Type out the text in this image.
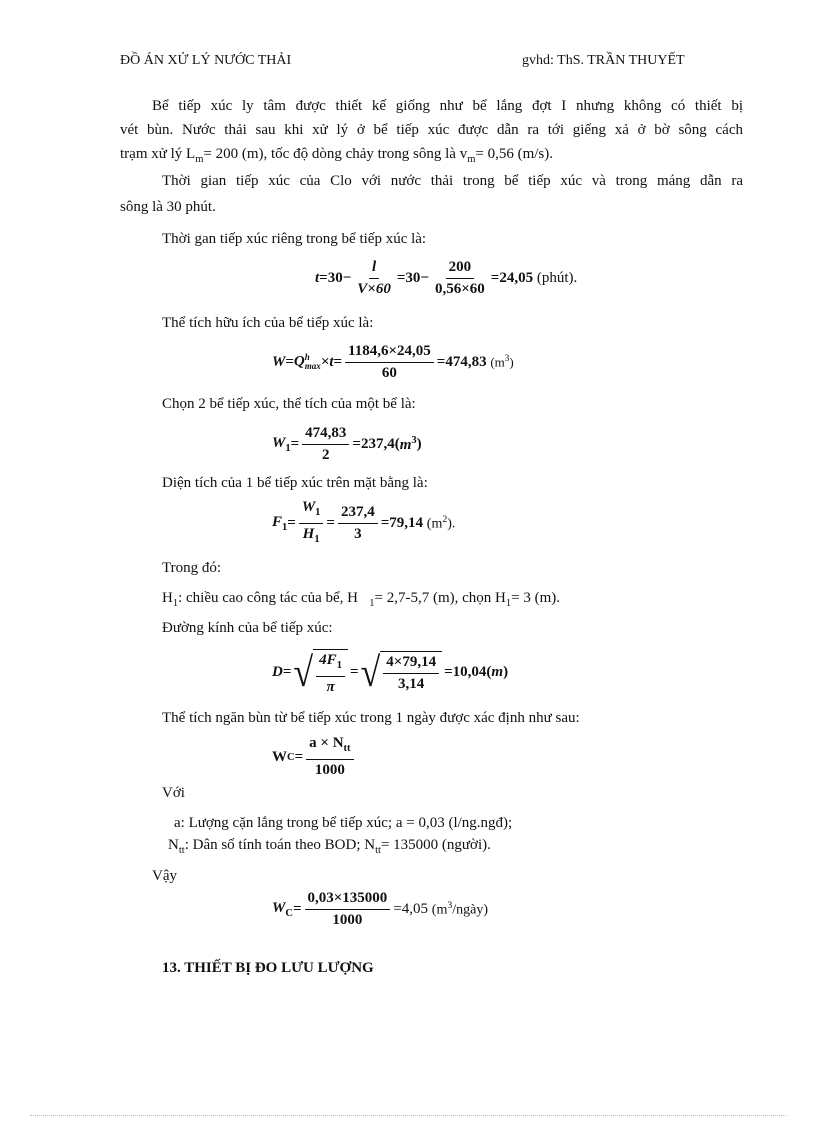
ĐỒ ÁN XỬ LÝ NƯỚC THẢI	gvhd: ThS. TRẦN THUYẾT
Bể tiếp xúc ly tâm được thiết kế giống như bể lắng đợt I nhưng không có thiết bị
vét bùn. Nước thải sau khi xử lý ở bể tiếp xúc được dẫn ra tới giếng xả ở bờ sông cách
trạm xử lý $L_m= 200$ (m), tốc độ dòng chảy trong sông là $v_m= 0,56$ (m/s).
Thời gian tiếp xúc của Clo với nước thải trong bể tiếp xúc và trong máng dẫn ra
sông là 30 phút.
Thời gan tiếp xúc riêng trong bể tiếp xúc là:
$t = 30 - \frac{l}{V\times 60} = 30 - \frac{200}{0,56\times 60} = 24,05$
(phút).
Thể tích hữu ích của bể tiếp xúc là:
W = Q h
$\max \times t = \frac{1184,6\times 24,05}{60} = 474,83$
$(m^3)$
Chọn 2 bể tiếp xúc, thể tích của một bể là:
$W_1 = \frac{474,83}{2} = 237,4$( $m^3$ )
Diện tích của 1 bể tiếp xúc trên mặt bằng là:
$F_1 = \frac{W_1}{H_1} = \frac{237,4}{3} = 79,14$
$(m^2)$.
Trong đó:
$H_1$: chiều cao công tác của bể, H $_1$= 2,7-5,7 (m), chọn $H_1= 3$ (m).
Đường kính của bể tiếp xúc:
D = √ $\frac{4F_1}{\pi}$ = √ $\frac{4\times 79,14}{3,14} = 10,04$( m )
Thể tích ngăn bùn từ bể tiếp xúc trong 1 ngày được xác định như sau:
W $C = \frac{a \times N_{tt}}{1000}$
Với
a: Lượng cặn lắng trong bể tiếp xúc; a = 0,03 (l/ng.ngđ);
$N_{tt}$: Dân số tính toán theo BOD; $N_{tt}= 135000$ (người).
Vậy
$W_C = \frac{0,03\times 135000}{1000} = 4,05$
$(m^3/ngày)$
13. THIẾT BỊ ĐO LƯU LƯỢNG
